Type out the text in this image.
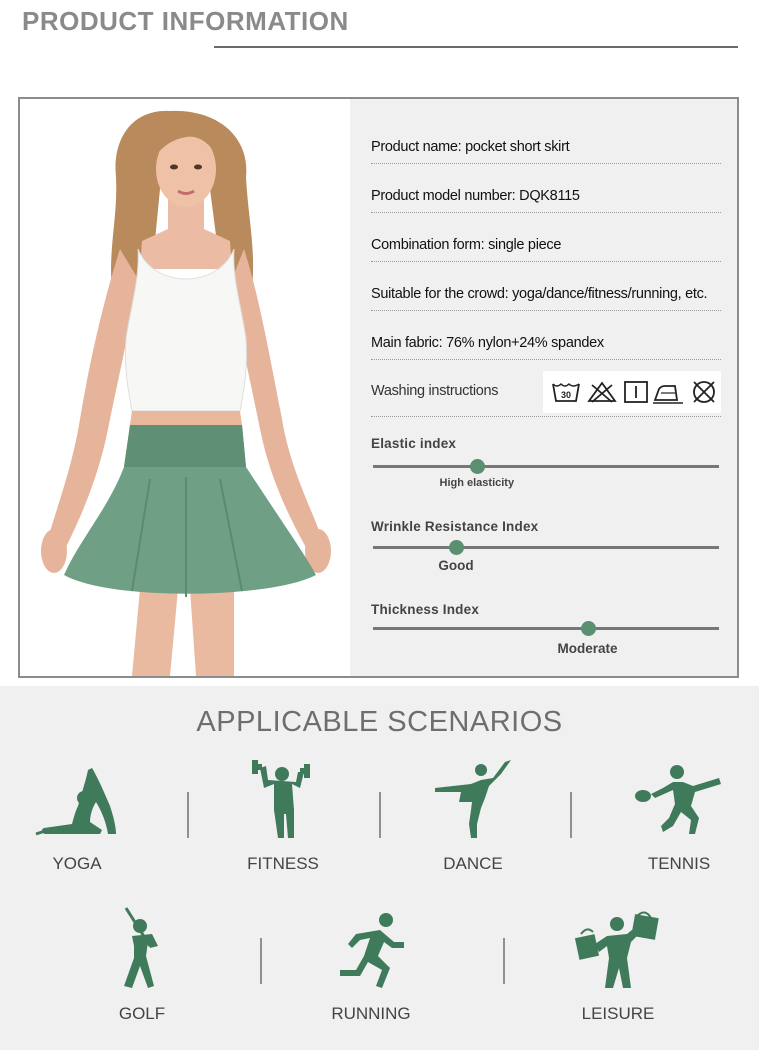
PRODUCT INFORMATION
Product name: pocket short skirt
Product model number: DQK8115
Combination form: single piece
Suitable for the crowd: yoga/dance/fitness/running, etc.
Main fabric: 76% nylon+24% spandex
Washing instructions	30
Elastic index
High elasticity
Wrinkle Resistance Index
Good
Thickness Index
Moderate
APPLICABLE SCENARIOS
YOGA	FITNESS	DANCE	TENNIS
GOLF	RUNNING	LEISURE
